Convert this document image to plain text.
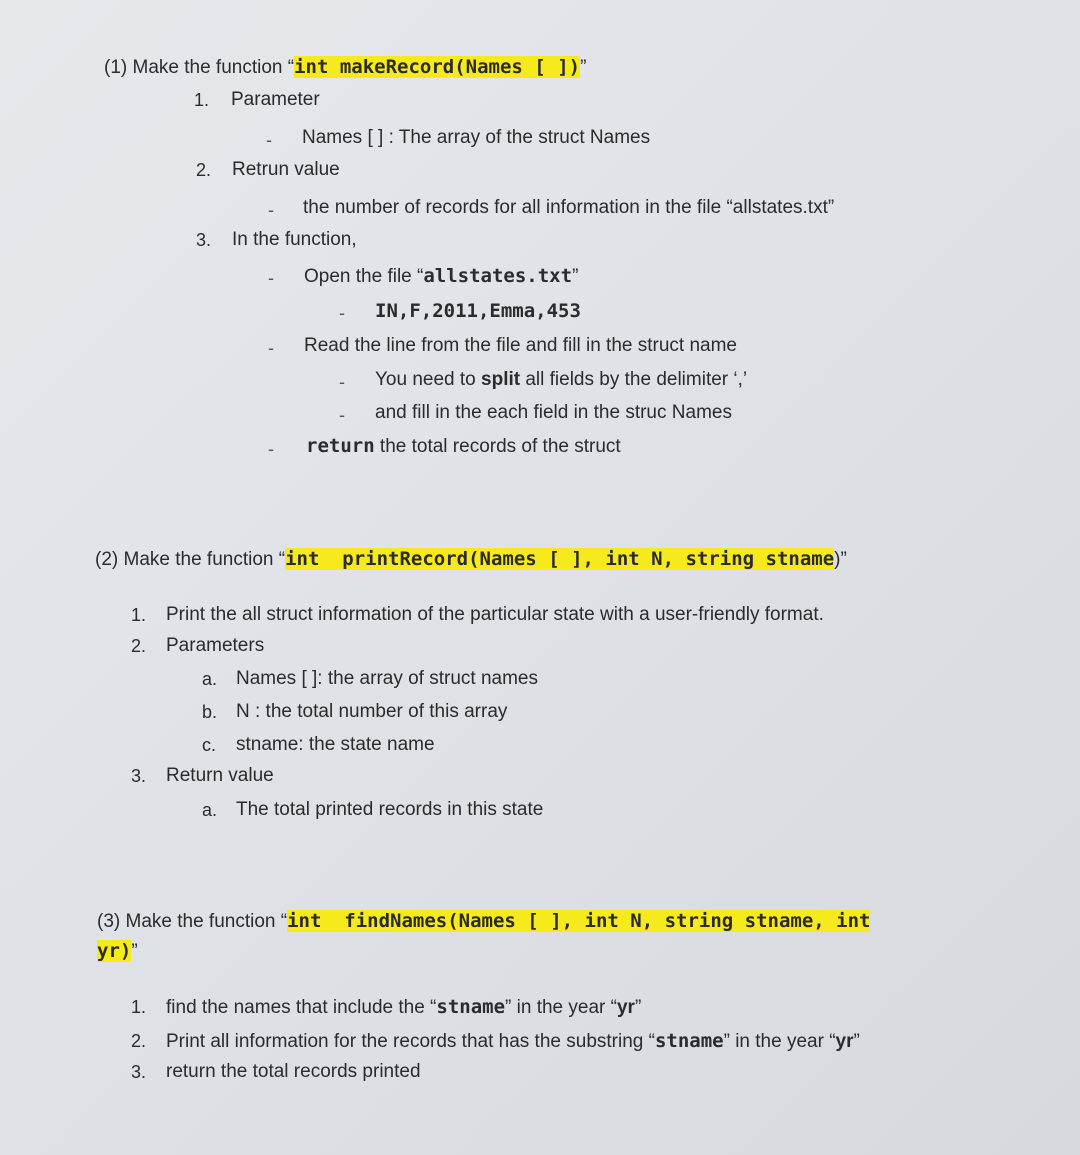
(1) Make the function “int makeRecord(Names [ ])”
1. Parameter
- Names [ ] : The array of the struct Names
2. Retrun value
- the number of records for all information in the file “allstates.txt”
3. In the function,
- Open the file “allstates.txt”
- IN,F,2011,Emma,453
- Read the line from the file and fill in the struct name
- You need to split all fields by the delimiter ‘,’
- and fill in the each field in the struc Names
- return the total records of the struct
(2) Make the function “int  printRecord(Names [ ], int N, string stname)”
1. Print the all struct information of the particular state with a user-friendly format.
2. Parameters
a. Names [ ]: the array of struct names
b. N : the total number of this array
c. stname: the state name
3. Return value
a. The total printed records in this state
(3) Make the function “int  findNames(Names [ ], int N, string stname, int
yr)”
1. find the names that include the “stname” in the year “yr”
2. Print all information for the records that has the substring “stname” in the year “yr”
3. return the total records printed
